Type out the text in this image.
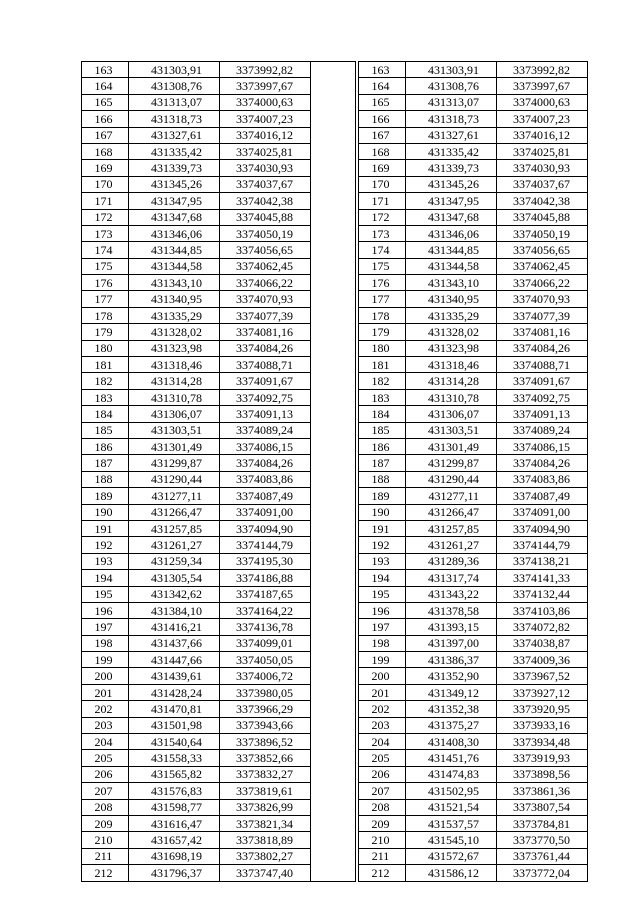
163	431303,91	3373992,82	
164	431308,76	3373997,67	
165	431313,07	3374000,63	
166	431318,73	3374007,23	
167	431327,61	3374016,12	
168	431335,42	3374025,81	
169	431339,73	3374030,93	
170	431345,26	3374037,67	
171	431347,95	3374042,38	
172	431347,68	3374045,88	
173	431346,06	3374050,19	
174	431344,85	3374056,65	
175	431344,58	3374062,45	
176	431343,10	3374066,22	
177	431340,95	3374070,93	
178	431335,29	3374077,39	
179	431328,02	3374081,16	
180	431323,98	3374084,26	
181	431318,46	3374088,71	
182	431314,28	3374091,67	
183	431310,78	3374092,75	
184	431306,07	3374091,13	
185	431303,51	3374089,24	
186	431301,49	3374086,15	
187	431299,87	3374084,26	
188	431290,44	3374083,86	
189	431277,11	3374087,49	
190	431266,47	3374091,00	
191	431257,85	3374094,90	
192	431261,27	3374144,79	
193	431259,34	3374195,30	
194	431305,54	3374186,88	
195	431342,62	3374187,65	
196	431384,10	3374164,22	
197	431416,21	3374136,78	
198	431437,66	3374099,01	
199	431447,66	3374050,05	
200	431439,61	3374006,72	
201	431428,24	3373980,05	
202	431470,81	3373966,29	
203	431501,98	3373943,66	
204	431540,64	3373896,52	
205	431558,33	3373852,66	
206	431565,82	3373832,27	
207	431576,83	3373819,61	
208	431598,77	3373826,99	
209	431616,47	3373821,34	
210	431657,42	3373818,89	
211	431698,19	3373802,27	
212	431796,37	3373747,40	
163	431303,91	3373992,82
164	431308,76	3373997,67
165	431313,07	3374000,63
166	431318,73	3374007,23
167	431327,61	3374016,12
168	431335,42	3374025,81
169	431339,73	3374030,93
170	431345,26	3374037,67
171	431347,95	3374042,38
172	431347,68	3374045,88
173	431346,06	3374050,19
174	431344,85	3374056,65
175	431344,58	3374062,45
176	431343,10	3374066,22
177	431340,95	3374070,93
178	431335,29	3374077,39
179	431328,02	3374081,16
180	431323,98	3374084,26
181	431318,46	3374088,71
182	431314,28	3374091,67
183	431310,78	3374092,75
184	431306,07	3374091,13
185	431303,51	3374089,24
186	431301,49	3374086,15
187	431299,87	3374084,26
188	431290,44	3374083,86
189	431277,11	3374087,49
190	431266,47	3374091,00
191	431257,85	3374094,90
192	431261,27	3374144,79
193	431289,36	3374138,21
194	431317,74	3374141,33
195	431343,22	3374132,44
196	431378,58	3374103,86
197	431393,15	3374072,82
198	431397,00	3374038,87
199	431386,37	3374009,36
200	431352,90	3373967,52
201	431349,12	3373927,12
202	431352,38	3373920,95
203	431375,27	3373933,16
204	431408,30	3373934,48
205	431451,76	3373919,93
206	431474,83	3373898,56
207	431502,95	3373861,36
208	431521,54	3373807,54
209	431537,57	3373784,81
210	431545,10	3373770,50
211	431572,67	3373761,44
212	431586,12	3373772,04
